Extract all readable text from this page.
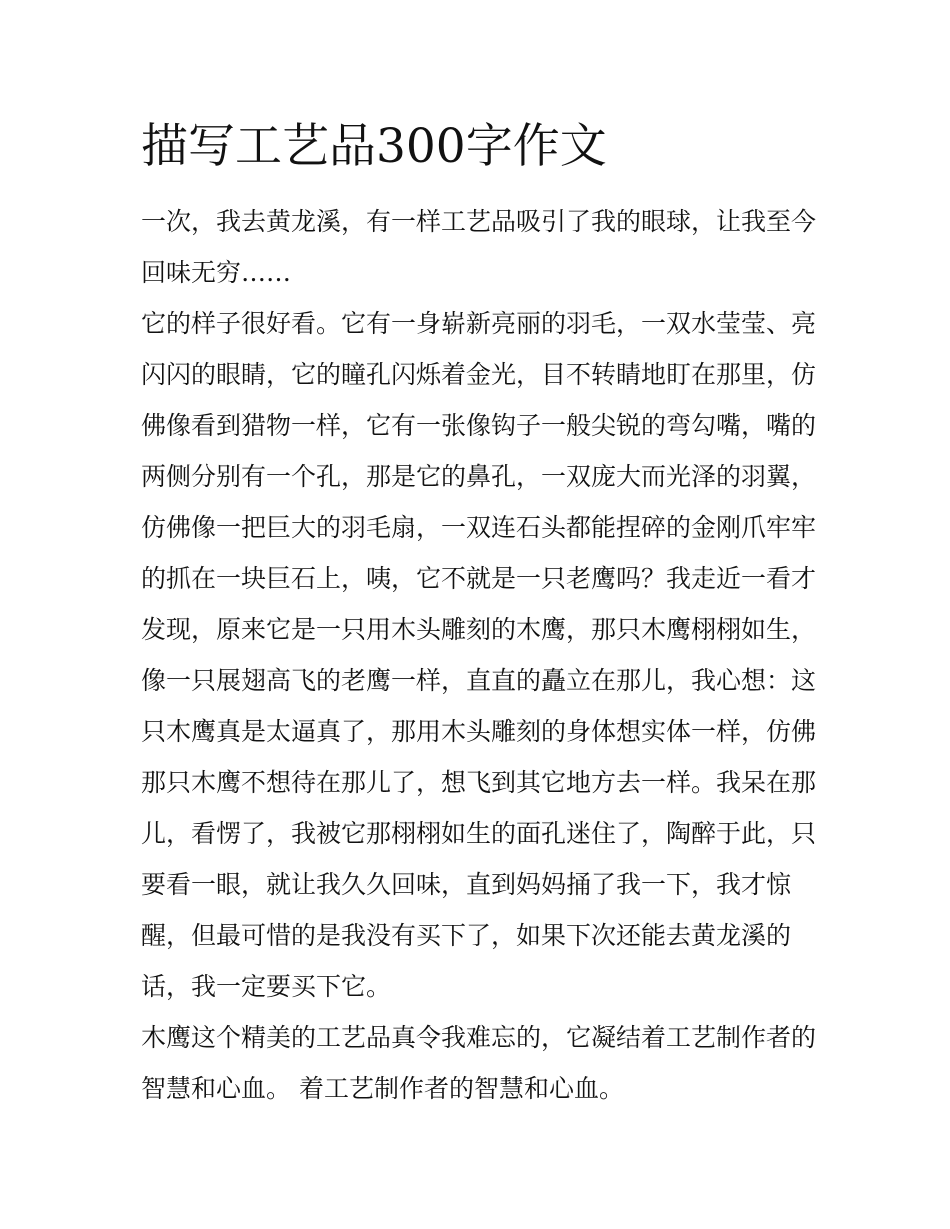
描写工艺品300字作文

一次，我去黄龙溪，有一样工艺品吸引了我的眼球，让我至今
回味无穷……

它的样子很好看。它有一身崭新亮丽的羽毛，一双水莹莹、亮
闪闪的眼睛，它的瞳孔闪烁着金光，目不转睛地盯在那里，仿
佛像看到猎物一样，它有一张像钩子一般尖锐的弯勾嘴，嘴的
两侧分别有一个孔，那是它的鼻孔，一双庞大而光泽的羽翼，
仿佛像一把巨大的羽毛扇，一双连石头都能捏碎的金刚爪牢牢
的抓在一块巨石上，咦，它不就是一只老鹰吗？我走近一看才
发现，原来它是一只用木头雕刻的木鹰，那只木鹰栩栩如生，
像一只展翅高飞的老鹰一样，直直的矗立在那儿，我心想：这
只木鹰真是太逼真了，那用木头雕刻的身体想实体一样，仿佛
那只木鹰不想待在那儿了，想飞到其它地方去一样。我呆在那
儿，看愣了，我被它那栩栩如生的面孔迷住了，陶醉于此，只
要看一眼，就让我久久回味，直到妈妈捅了我一下，我才惊
醒，但最可惜的是我没有买下了，如果下次还能去黄龙溪的
话，我一定要买下它。

木鹰这个精美的工艺品真令我难忘的，它凝结着工艺制作者的
智慧和心血。 着工艺制作者的智慧和心血。
